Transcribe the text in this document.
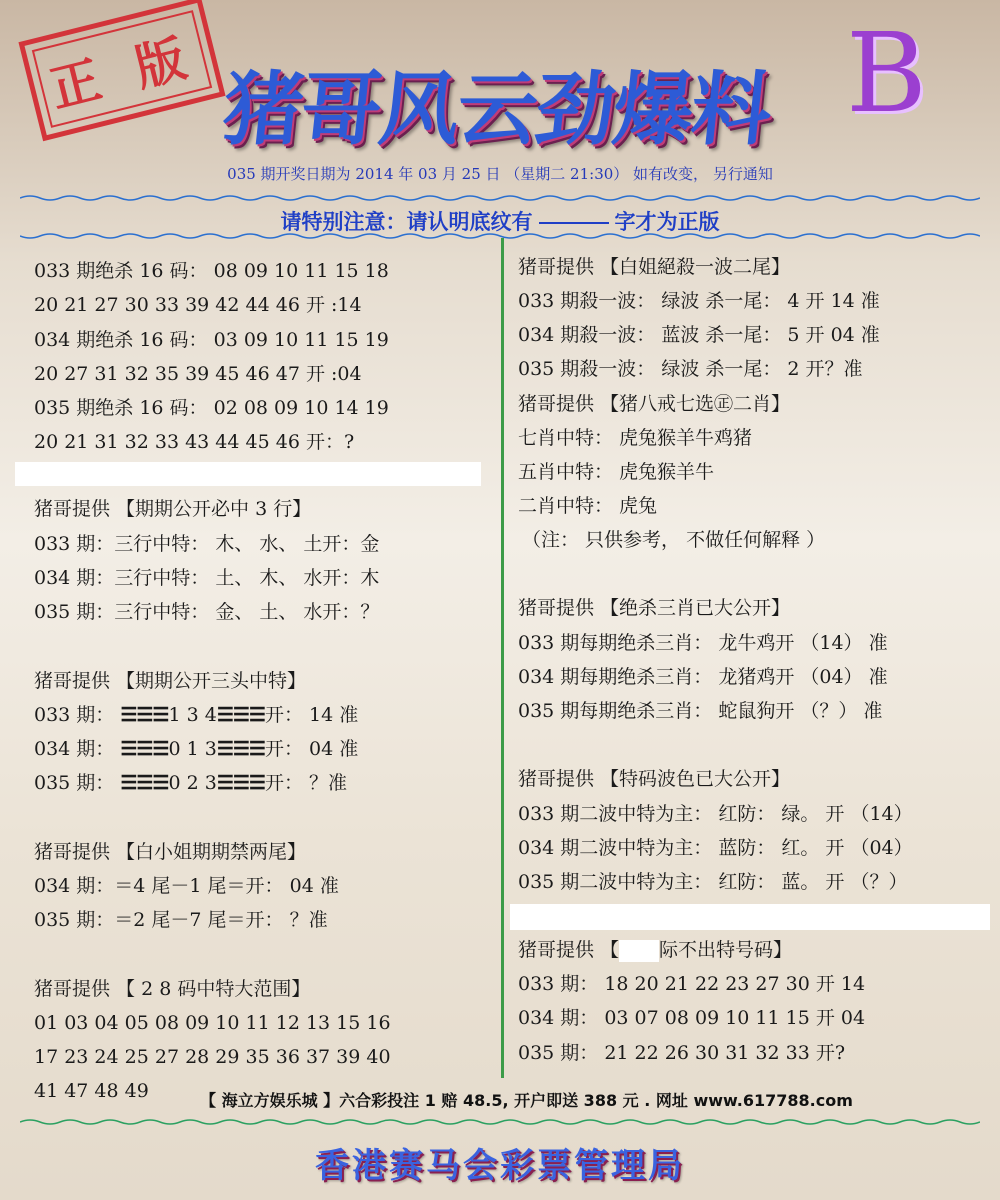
正 版 猪哥风云劲爆料 B
035 期开奖日期为 2014 年 03 月 25 日 （星期二 21:30） 如有改变， 另行通知
请特别注意：请认明底纹有	字才为正版
033 期绝杀 16 码： 08 09 10 11 15 18
20 21 27 30 33 39 42 44 46 开 :14
034 期绝杀 16 码： 03 09 10 11 15 19
20 27 31 32 35 39 45 46 47 开 :04
035 期绝杀 16 码： 02 08 09 10 14 19
20 21 31 32 33 43 44 45 46 开：?
猪哥提供 【期期公开必中 3 行】
033 期：三行中特： 木、 水、 土开：金
034 期：三行中特： 土、 木、 水开：木
035 期：三行中特： 金、 土、 水开：？
猪哥提供 【期期公开三头中特】
033 期： ☰☰☰1 3 4☰☰☰开： 14 准
034 期： ☰☰☰0 1 3☰☰☰开： 04 准
035 期： ☰☰☰0 2 3☰☰☰开： ？准
猪哥提供 【白小姐期期禁两尾】
034 期：＝4 尾－1 尾＝开： 04 准
035 期：＝2 尾－7 尾＝开： ？准
猪哥提供 【 2 8 码中特大范围】
01 03 04 05 08 09 10 11 12 13 15 16
17 23 24 25 27 28 29 35 36 37 39 40
41 47 48 49
猪哥提供 【白姐絕殺一波二尾】
033 期殺一波： 绿波 杀一尾： 4 开 14 准
034 期殺一波： 蓝波 杀一尾： 5 开 04 准
035 期殺一波： 绿波 杀一尾： 2 开？准
猪哥提供 【猪八戒七选㊣二肖】
七肖中特： 虎兔猴羊牛鸡猪
五肖中特： 虎兔猴羊牛
二肖中特： 虎兔
（注： 只供参考， 不做任何解释 ）
猪哥提供 【绝杀三肖已大公开】
033 期每期绝杀三肖： 龙牛鸡开 （14） 准
034 期每期绝杀三肖： 龙猪鸡开 （04） 准
035 期每期绝杀三肖： 蛇鼠狗开 （？） 准
猪哥提供 【特码波色已大公开】
033 期二波中特为主： 红防： 绿。 开 （14）
034 期二波中特为主： 蓝防： 红。 开 （04）
035 期二波中特为主： 红防： 蓝。 开 （？）
猪哥提供 【 际不出特号码】
033 期： 18 20 21 22 23 27 30 开 14
034 期： 03 07 08 09 10 11 15 开 04
035 期： 21 22 26 30 31 32 33 开?
【 海立方娱乐城 】六合彩投注 1 赔 48.5, 开户即送 388 元 . 网址 www.617788.com
香港赛马会彩票管理局
